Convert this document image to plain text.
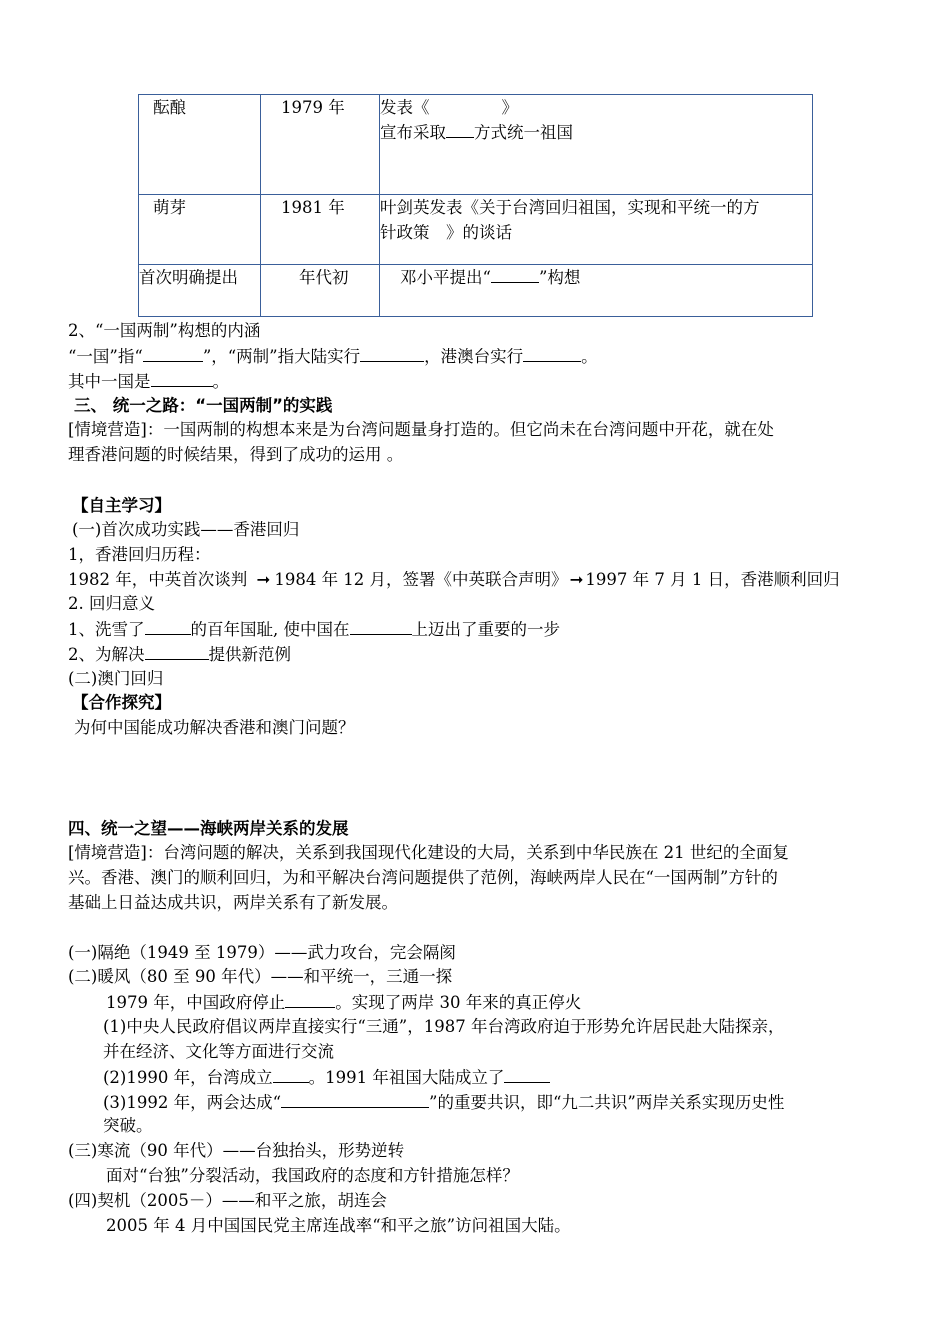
酝酿	1979 年	发表《 》
宣布采取 方式统一祖国

萌芽	1981 年	叶剑英发表《关于台湾回归祖国，实现和平统一的方
针政策　》的谈话

首次明确提出	年代初	邓小平提出“ ”构想
2、“一国两制”构想的内涵
“一国”指“	”，“两制”指大陆实行	，港澳台实行	。
其中一国是	。
三、 统一之路：“一国两制”的实践
[情境营造]：一国两制的构想本来是为台湾问题量身打造的。但它尚未在台湾问题中开花，就在处
理香港问题的时候结果，得到了成功的运用 。
【自主学习】
(一)首次成功实践——香港回归
1，香港回归历程：
1982 年，中英首次谈判 ➞ 1984 年 12 月，签署《中英联合声明》 ➞ 1997 年 7 月 1 日，香港顺利回归
2. 回归意义
1、洗雪了	的百年国耻, 使中国在	上迈出了重要的一步
2、为解决	提供新范例
(二)澳门回归
【合作探究】
为何中国能成功解决香港和澳门问题？
四、统一之望——海峡两岸关系的发展
[情境营造]：台湾问题的解决，关系到我国现代化建设的大局，关系到中华民族在 21 世纪的全面复
兴。香港、澳门的顺利回归，为和平解决台湾问题提供了范例，海峡两岸人民在“一国两制”方针的
基础上日益达成共识，两岸关系有了新发展。
(一)隔绝（1949 至 1979）——武力攻台，完会隔阂
(二)暖风（80 至 90 年代）——和平统一，三通一探
1979 年，中国政府停止	。实现了两岸 30 年来的真正停火
(1)中央人民政府倡议两岸直接实行“三通”，1987 年台湾政府迫于形势允许居民赴大陆探亲，
并在经济、文化等方面进行交流
(2)1990 年，台湾成立 。1991 年祖国大陆成立了
(3)1992 年，两会达成“	”的重要共识，即“九二共识”两岸关系实现历史性
突破。
(三)寒流（90 年代）——台独抬头，形势逆转
面对“台独”分裂活动，我国政府的态度和方针措施怎样？
(四)契机（2005－）——和平之旅，胡连会
2005 年 4 月中国国民党主席连战率“和平之旅”访问祖国大陆。
